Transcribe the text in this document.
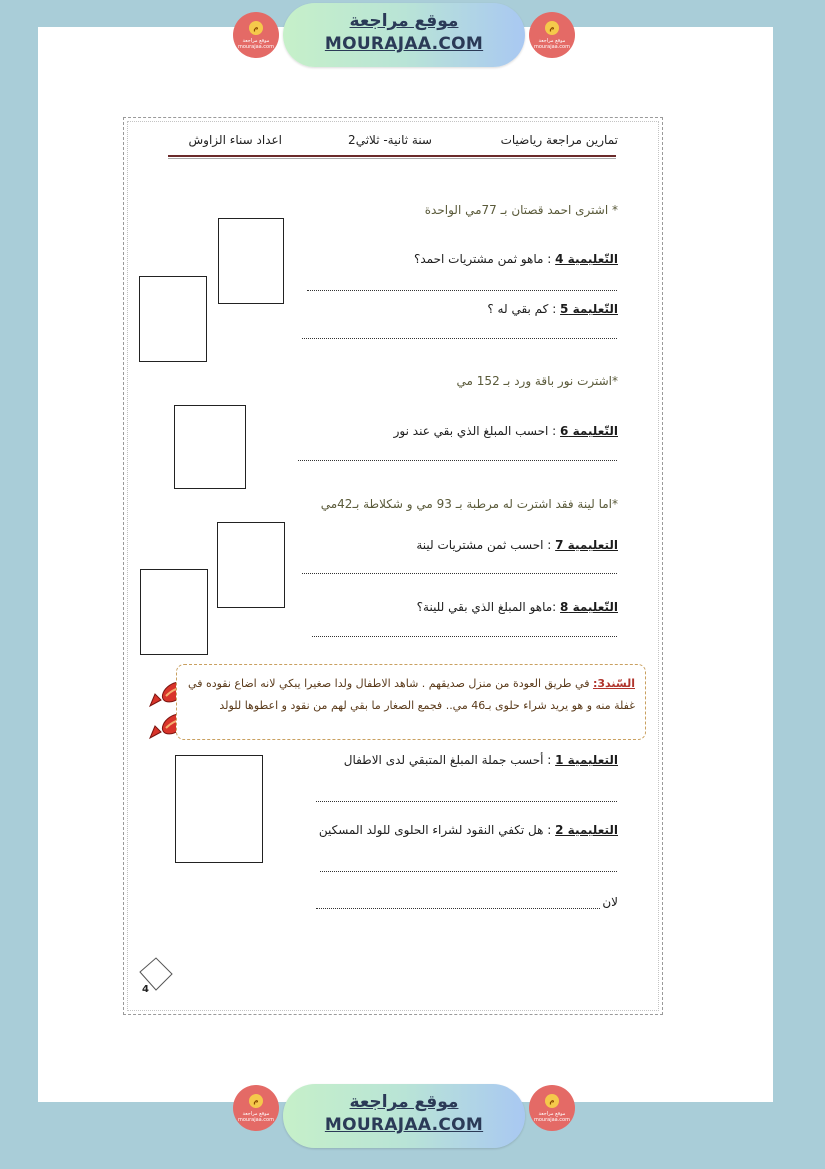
م
موقع مراجعة mourajaa.com
موقع مراجعة
MOURAJAA.COM
م
موقع مراجعة mourajaa.com
تمارين مراجعة رياضيات
سنة ثانية- ثلاثي2
اعداد سناء الزاوش
* اشترى احمد قصتان بـ 77مي الواحدة
التّعليمية 4 : ماهو ثمن مشتريات احمد؟
التّعليمة 5 : كم بقي له ؟
*اشترت نور باقة ورد بـ 152 مي
التّعليمة 6 : احسب المبلغ الذي بقي عند نور
*اما لينة فقد اشترت له مرطبة بـ 93 مي و شكلاطة بـ42مي
التعليمية 7 : احسب ثمن مشتريات لينة
التّعليمة 8 :ماهو المبلغ الذي بقي للينة؟
السّند3: في طريق العودة من منزل صديقهم . شاهد الاطفال ولدا صغيرا يبكي لانه اضاع نقوده في
غفلة منه و هو يريد شراء حلوى بـ46 مي.. فجمع الصغار ما بقي لهم من نقود و اعطوها للولد
التعليمية 1 : أحسب جملة المبلغ المتبقي لدى الاطفال
التعليمية 2 : هل تكفي النقود لشراء الحلوى للولد المسكين
لان
4
م
موقع مراجعة mourajaa.com
موقع مراجعة
MOURAJAA.COM
م
موقع مراجعة mourajaa.com
